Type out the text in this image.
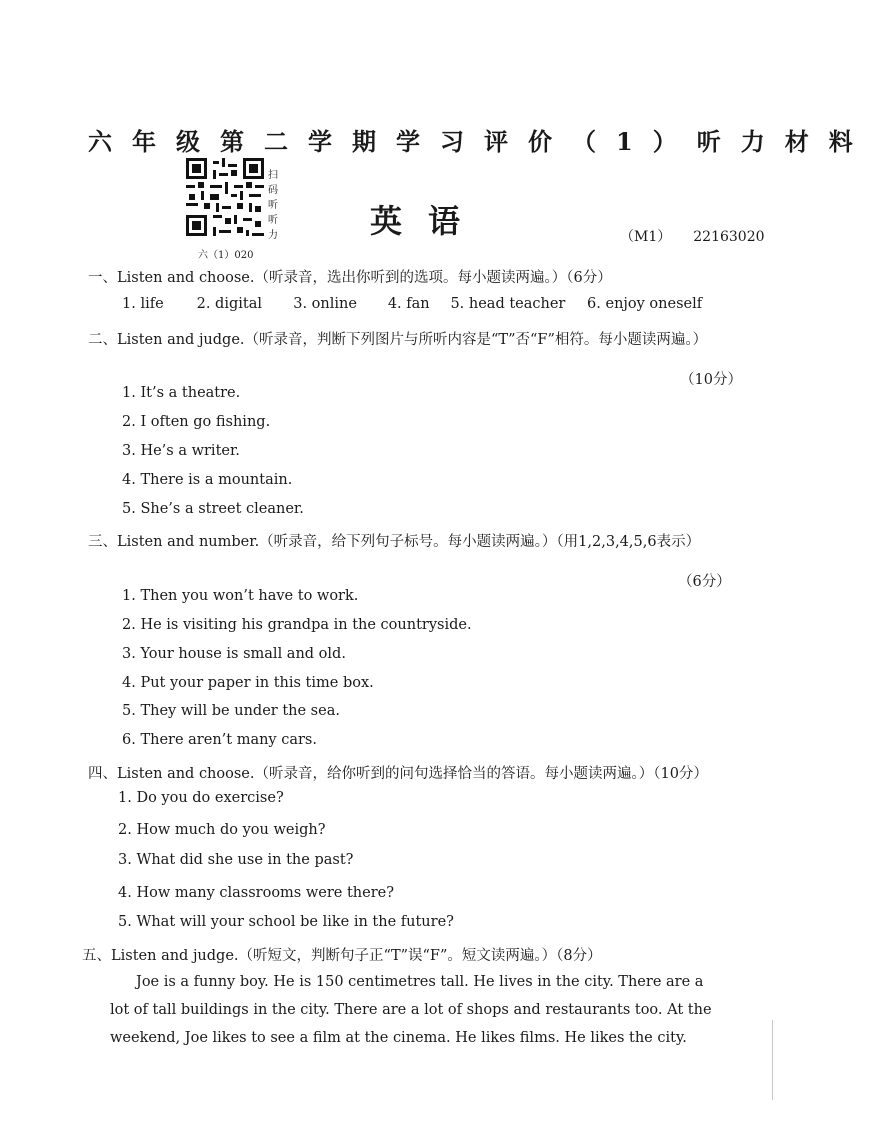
六年级第二学期学习评价（1）听力材料
扫码听听力
六（1）020
英语	（M1） 22163020
一、Listen and choose.（听录音，选出你听到的选项。每小题读两遍。）（6分）
1. life 2. digital 3. online 4. fan 5. head teacher 6. enjoy oneself
二、Listen and judge.（听录音，判断下列图片与所听内容是“T”否“F”相符。每小题读两遍。）
（10分）
1. It’s a theatre.
2. I often go fishing.
3. He’s a writer.
4. There is a mountain.
5. She’s a street cleaner.
三、Listen and number.（听录音，给下列句子标号。每小题读两遍。）（用1,2,3,4,5,6表示）
（6分）
1. Then you won’t have to work.
2. He is visiting his grandpa in the countryside.
3. Your house is small and old.
4. Put your paper in this time box.
5. They will be under the sea.
6. There aren’t many cars.
四、Listen and choose.（听录音，给你听到的问句选择恰当的答语。每小题读两遍。）（10分）
1. Do you do exercise?
2. How much do you weigh?
3. What did she use in the past?
4. How many classrooms were there?
5. What will your school be like in the future?
五、Listen and judge.（听短文，判断句子正“T”误“F”。短文读两遍。）（8分）
Joe is a funny boy. He is 150 centimetres tall. He lives in the city. There are a lot of tall buildings in the city. There are a lot of shops and restaurants too. At the weekend, Joe likes to see a film at the cinema. He likes films. He likes the city.
